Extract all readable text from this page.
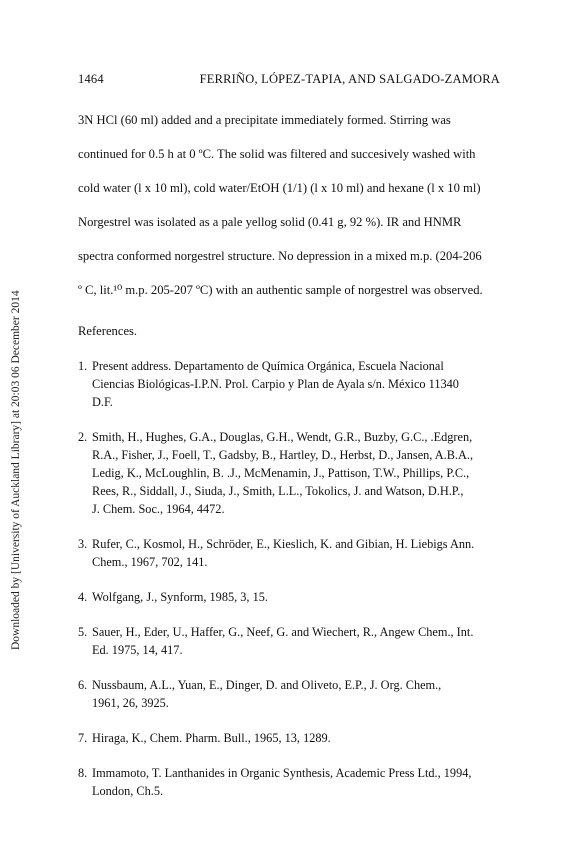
Downloaded by [University of Auckland Library] at 20:03 06 December 2014
1464	FERRIÑO, LÓPEZ-TAPIA, AND SALGADO-ZAMORA

3N HCl (60 ml) added and a precipitate immediately formed. Stirring was

continued for 0.5 h at 0 ºC. The solid was filtered and succesively washed with

cold water (l x 10 ml), cold water/EtOH (1/1) (l x 10 ml) and hexane (l x 10 ml)

Norgestrel was isolated as a pale yellog solid (0.41 g, 92 %). IR and HNMR

spectra conformed norgestrel structure. No depression in a mixed m.p. (204-206

º C, lit.¹⁰ m.p. 205-207 ºC) with an authentic sample of norgestrel was observed.

References.
1. Present address. Departamento de Química Orgánica, Escuela Nacional
Ciencias Biológicas-I.P.N. Prol. Carpio y Plan de Ayala s/n. México 11340
D.F.
2. Smith, H., Hughes, G.A., Douglas, G.H., Wendt, G.R., Buzby, G.C., .Edgren,
R.A., Fisher, J., Foell, T., Gadsby, B., Hartley, D., Herbst, D., Jansen, A.B.A.,
Ledig, K., McLoughlin, B. .J., McMenamin, J., Pattison, T.W., Phillips, P.C.,
Rees, R., Siddall, J., Siuda, J., Smith, L.L., Tokolics, J. and Watson, D.H.P.,
J. Chem. Soc., 1964, 4472.
3. Rufer, C., Kosmol, H., Schröder, E., Kieslich, K. and Gibian, H. Liebigs Ann.
Chem., 1967, 702, 141.
4. Wolfgang, J., Synform, 1985, 3, 15.
5. Sauer, H., Eder, U., Haffer, G., Neef, G. and Wiechert, R., Angew Chem., Int.
Ed. 1975, 14, 417.
6. Nussbaum, A.L., Yuan, E., Dinger, D. and Oliveto, E.P., J. Org. Chem.,
1961, 26, 3925.
7. Hiraga, K., Chem. Pharm. Bull., 1965, 13, 1289.
8. Immamoto, T. Lanthanides in Organic Synthesis, Academic Press Ltd., 1994,
London, Ch.5.
